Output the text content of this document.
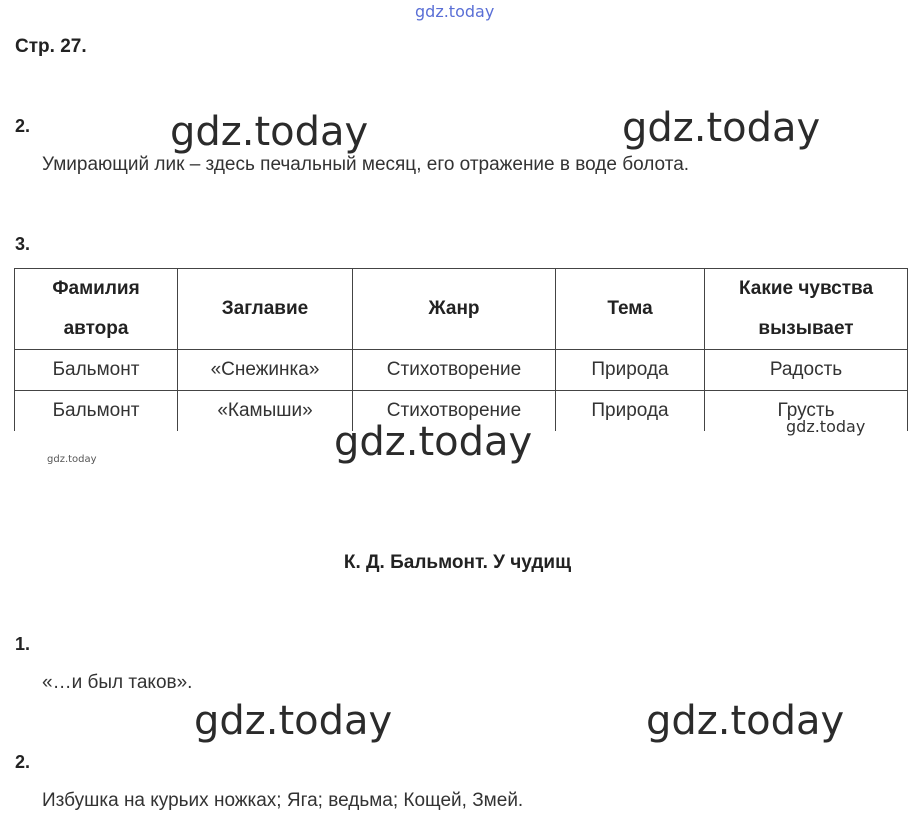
gdz.today
gdz.today	gdz.today
gdz.today	gdz.today
gdz.today
gdz.today	gdz.today
Стр. 27.
2.
Умирающий лик – здесь печальный месяц, его отражение в воде болота.
3.
Фамилия автора	Заглавие	Жанр	Тема	Какие чувства вызывает
Бальмонт	«Снежинка»	Стихотворение	Природа	Радость
Бальмонт	«Камыши»	Стихотворение	Природа	Грусть
К. Д. Бальмонт. У чудищ
1.
«…и был таков».
2.
Избушка на курьих ножках; Яга; ведьма; Кощей, Змей.
